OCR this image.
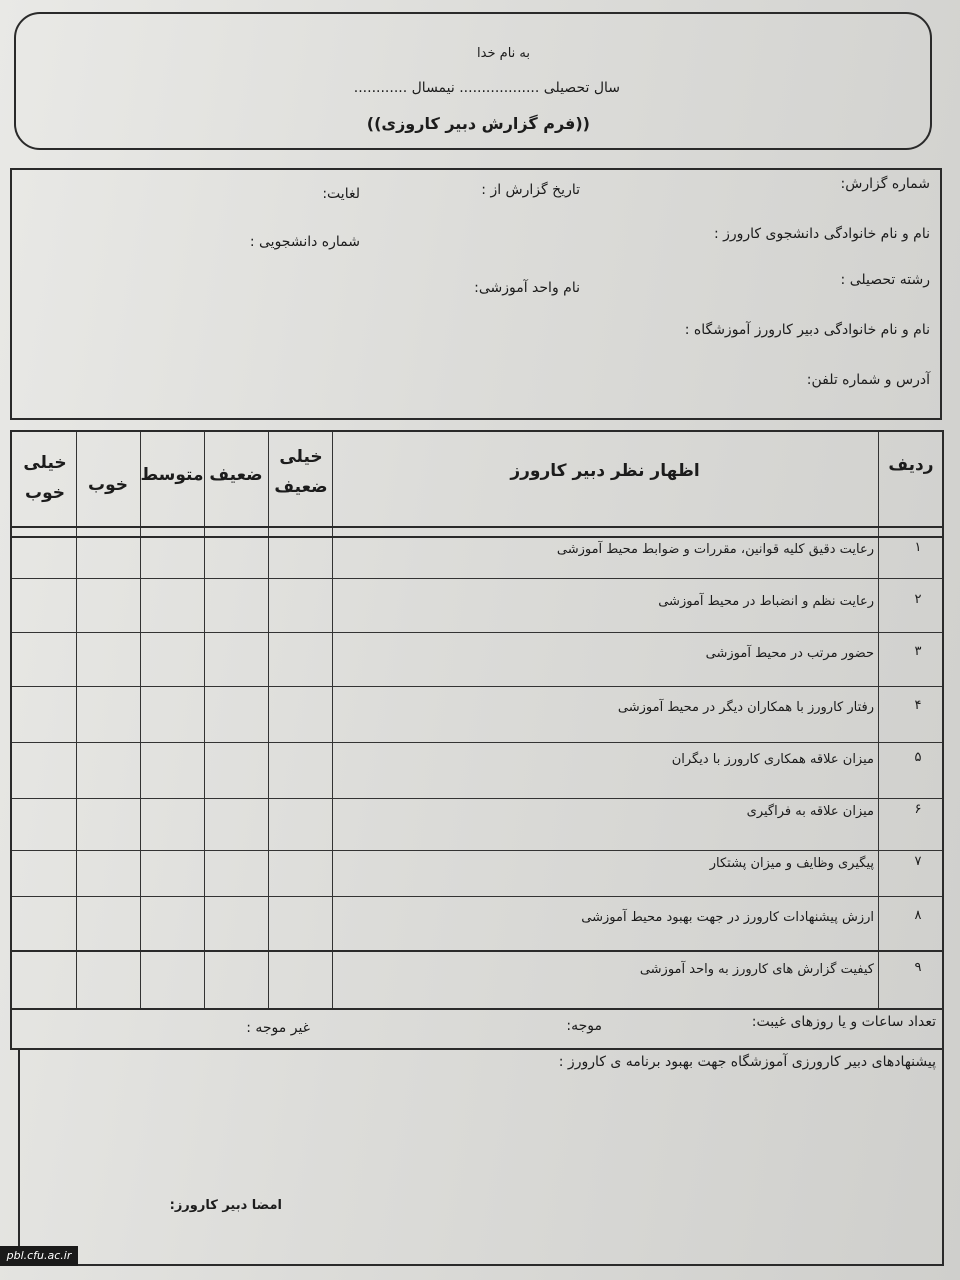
به نام خدا
سال تحصیلی .................. نیمسال ............
((فرم گزارش دبیر کاروزی))
شماره گزارش:
تاریخ گزارش از :
لغایت:
نام و نام خانوادگی دانشجوی کارورز :
شماره دانشجویی :
رشته تحصیلی :
نام واحد آموزشی:
نام و نام خانوادگی دبیر کارورز آموزشگاه :
آدرس و شماره تلفن:
ردیف
اظهار نظر دبیر کارورز
خیلی ضعیف
ضعیف
متوسط
خوب
خیلی خوب
۱
رعایت دقیق کلیه قوانین، مقررات و ضوابط محیط آموزشی
۲
رعایت نظم و انضباط در محیط آموزشی
۳
حضور مرتب در محیط آموزشی
۴
رفتار کارورز با همکاران دیگر در محیط آموزشی
۵
میزان علاقه همکاری کارورز با دیگران
۶
میزان علاقه به فراگیری
۷
پیگیری وظایف و میزان پشتکار
۸
ارزش پیشنهادات کارورز در جهت بهبود محیط آموزشی
۹
کیفیت گزارش های کارورز به واحد آموزشی
تعداد ساعات و یا روزهای غیبت:
موجه:
غیر موجه :
پیشنهادهای دبیر کارورزی آموزشگاه جهت بهبود برنامه ی کارورز :
امضا دبیر کارورز:
pbl.cfu.ac.ir
